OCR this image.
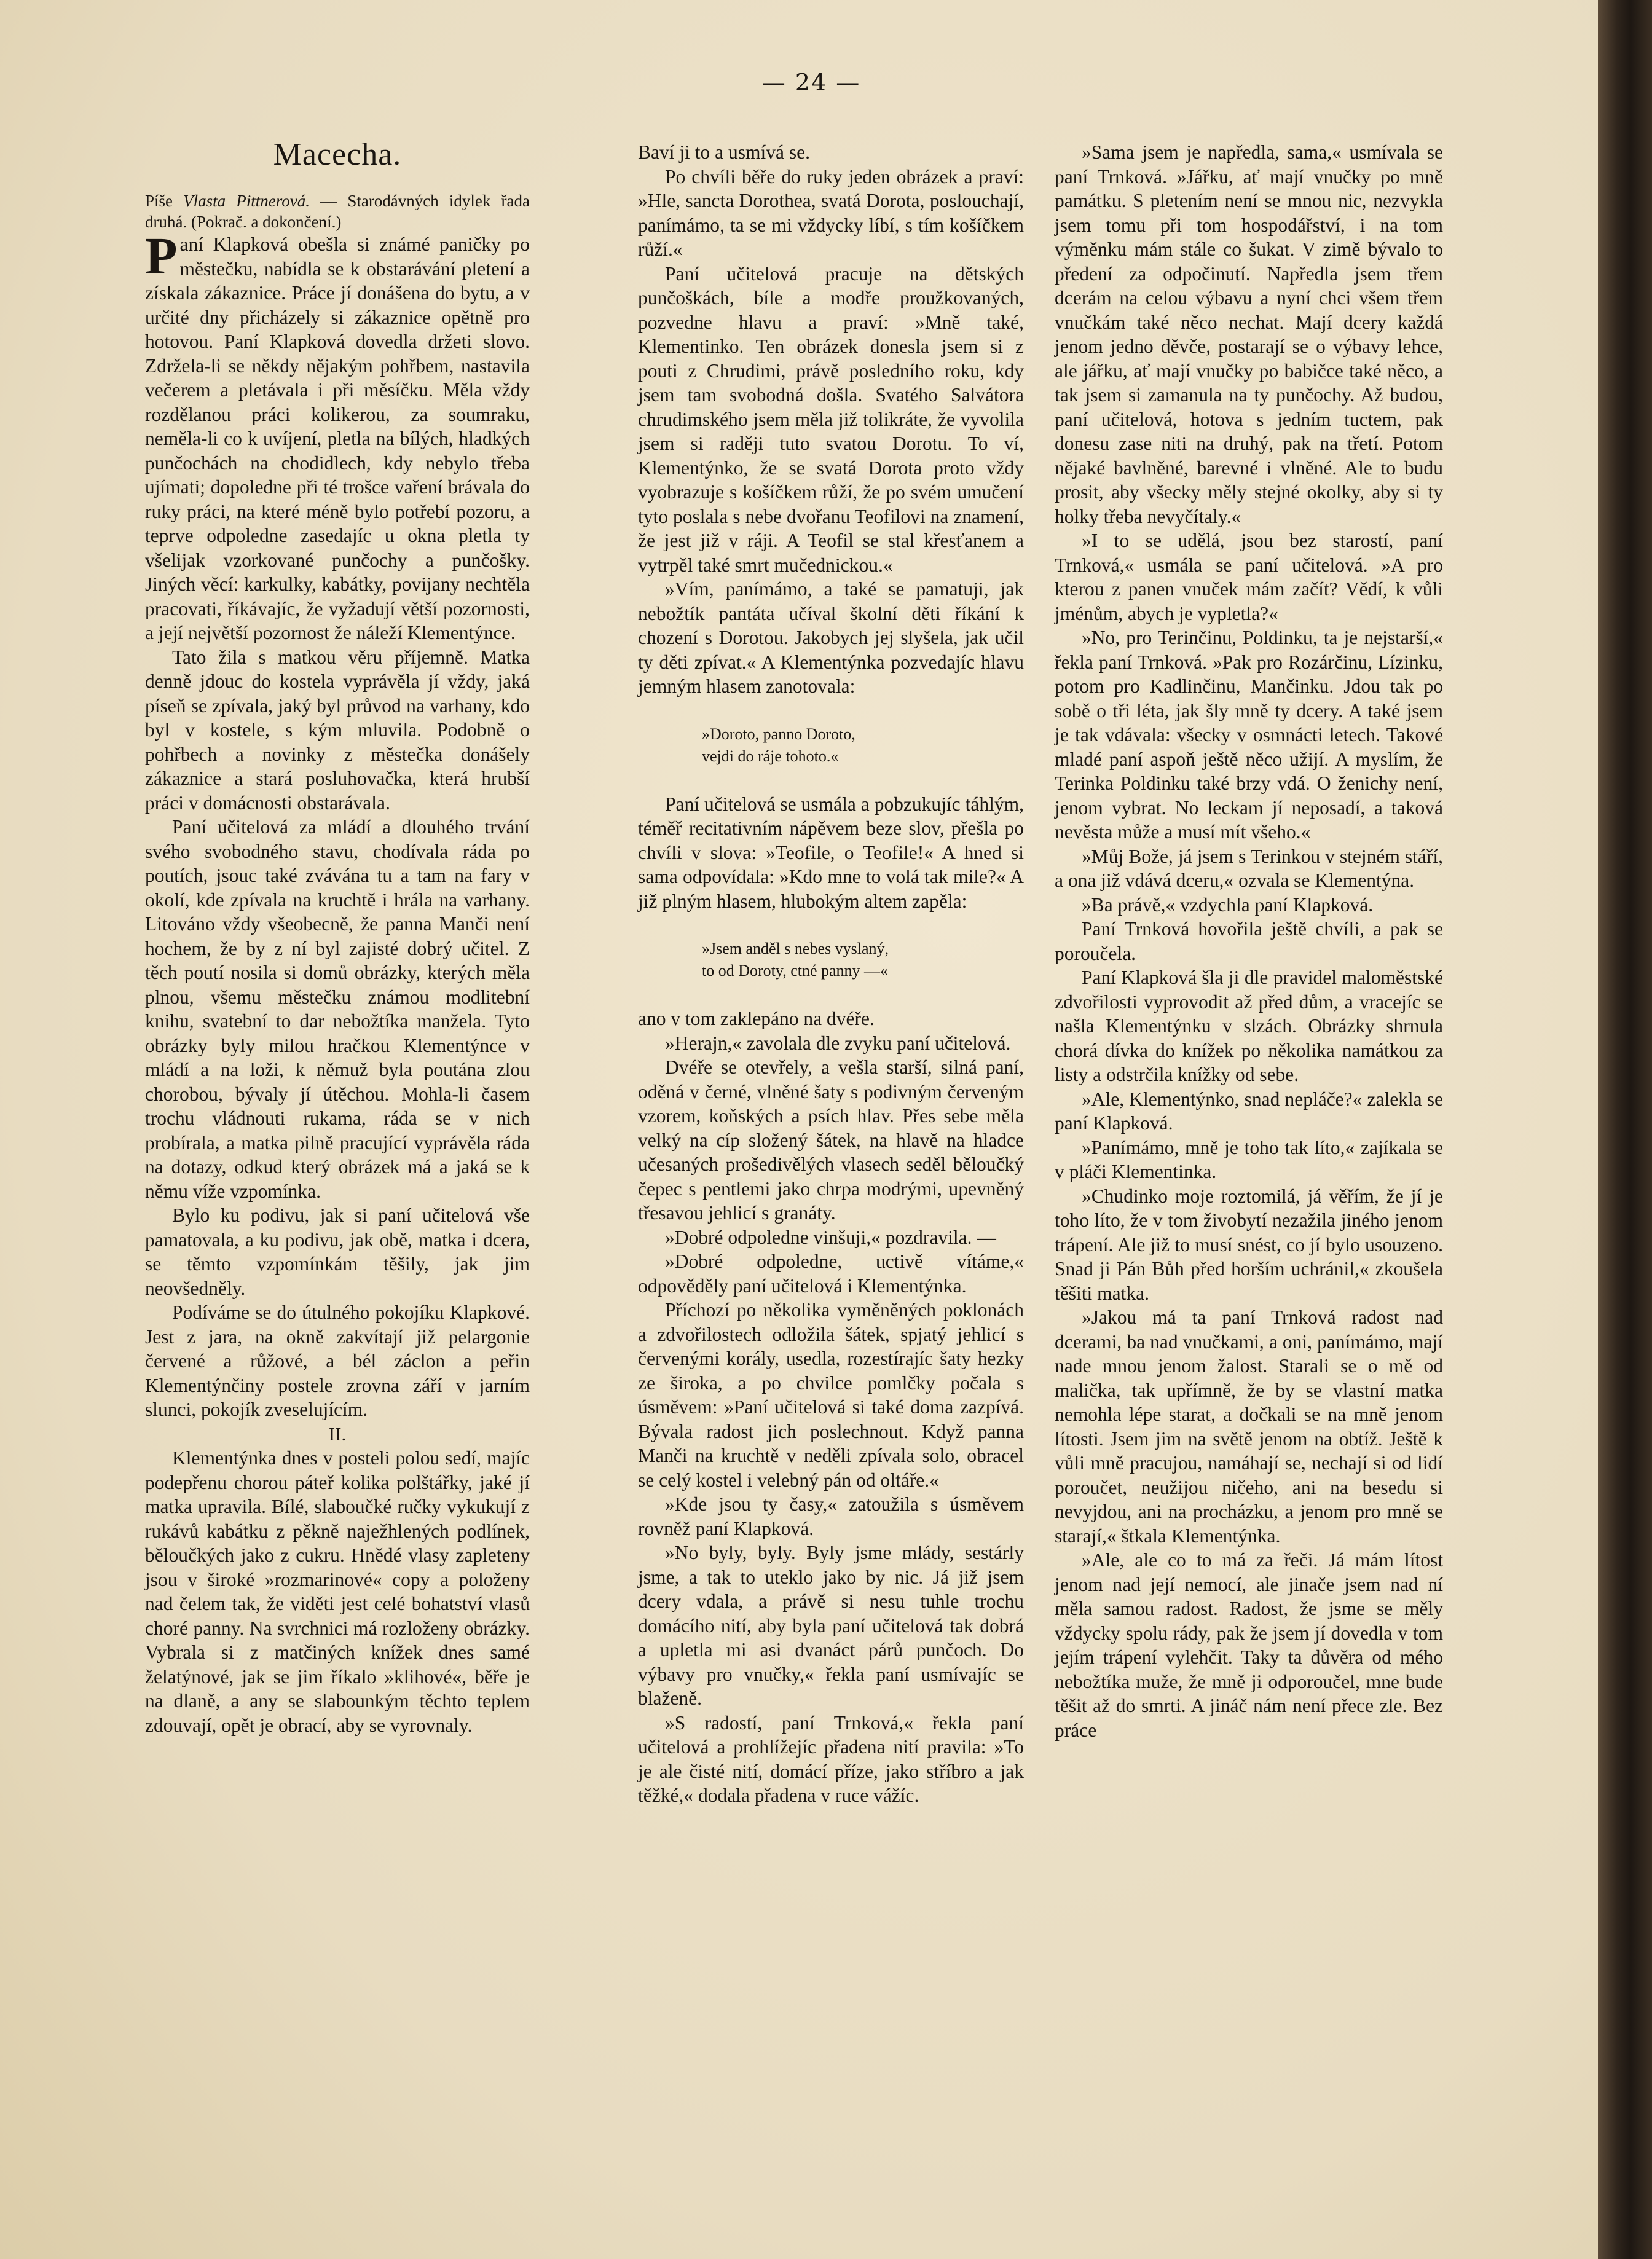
— 24 —
Macecha.

Píše Vlasta Pittnerová. — Starodávných idylek řada druhá. (Pokrač. a dokončení.)

Paní Klapková obešla si známé paničky po městečku, nabídla se k obstarávání pletení a získala zákaznice. Práce jí donášena do bytu, a v určité dny přicházely si zákaznice opětně pro hotovou. Paní Klapková dovedla držeti slovo. Zdržela-li se někdy nějakým pohřbem, nastavila večerem a pletávala i při měsíčku. Měla vždy rozdělanou práci kolikerou, za soumraku, neměla-li co k uvíjení, pletla na bílých, hladkých punčochách na chodidlech, kdy nebylo třeba ujímati; dopoledne při té trošce vaření brávala do ruky práci, na které méně bylo potřebí pozoru, a teprve odpoledne zasedajíc u okna pletla ty všelijak vzorkované punčochy a punčošky. Jiných věcí: karkulky, kabátky, povijany nechtěla pracovati, říkávajíc, že vyžadují větší pozornosti, a její největší pozornost že náleží Klementýnce.

Tato žila s matkou věru příjemně. Matka denně jdouc do kostela vyprávěla jí vždy, jaká píseň se zpívala, jaký byl průvod na varhany, kdo byl v kostele, s kým mluvila. Podobně o pohřbech a novinky z městečka donášely zákaznice a stará posluhovačka, která hrubší práci v domácnosti obstarávala.

Paní učitelová za mládí a dlouhého trvání svého svobodného stavu, chodívala ráda po poutích, jsouc také zvávána tu a tam na fary v okolí, kde zpívala na kruchtě i hrála na varhany. Litováno vždy všeobecně, že panna Manči není hochem, že by z ní byl zajisté dobrý učitel. Z těch poutí nosila si domů obrázky, kterých měla plnou, všemu městečku známou modlitební knihu, svatební to dar nebožtíka manžela. Tyto obrázky byly milou hračkou Klementýnce v mládí a na loži, k němuž byla poutána zlou chorobou, bývaly jí útěchou. Mohla-li časem trochu vládnouti rukama, ráda se v nich probírala, a matka pilně pracující vyprávěla ráda na dotazy, odkud který obrázek má a jaká se k němu víže vzpomínka.

Bylo ku podivu, jak si paní učitelová vše pamatovala, a ku podivu, jak obě, matka i dcera, se těmto vzpomínkám těšily, jak jim neovšedněly.

Podíváme se do útulného pokojíku Klapkové. Jest z jara, na okně zakvítají již pelargonie červené a růžové, a bél záclon a peřin Klementýnčiny postele zrovna září v jarním slunci, pokojík zveselujícím.

II.

Klementýnka dnes v posteli polou sedí, majíc podepřenu chorou páteř kolika polštářky, jaké jí matka upravila. Bílé, slaboučké ručky vykukují z rukávů kabátku z pěkně naježhlených podlínek, běloučkých jako z cukru. Hnědé vlasy zapleteny jsou v široké »rozmarinové« copy a položeny nad čelem tak, že viděti jest celé bohatství vlasů choré panny. Na svrchnici má rozloženy obrázky. Vybrala si z matčiných knížek dnes samé želatýnové, jak se jim říkalo »klihové«, běře je na dlaně, a any se slabounkým těchto teplem zdouvají, opět je obrací, aby se vyrovnaly.

Baví ji to a usmívá se.

Po chvíli běře do ruky jeden obrázek a praví: »Hle, sancta Dorothea, svatá Dorota, poslouchají, panímámo, ta se mi vždycky líbí, s tím košíčkem růží.«

Paní učitelová pracuje na dětských punčoškách, bíle a modře proužkovaných, pozvedne hlavu a praví: »Mně také, Klementinko. Ten obrázek donesla jsem si z pouti z Chrudimi, právě posledního roku, kdy jsem tam svobodná došla. Svatého Salvátora chrudimského jsem měla již tolikráte, že vyvolila jsem si raději tuto svatou Dorotu. To ví, Klementýnko, že se svatá Dorota proto vždy vyobrazuje s košíčkem růží, že po svém umučení tyto poslala s nebe dvořanu Teofilovi na znamení, že jest již v ráji. A Teofil se stal křesťanem a vytrpěl také smrt mučednickou.«

»Vím, panímámo, a také se pamatuji, jak nebožtík pantáta učíval školní děti říkání k chození s Dorotou. Jakobych jej slyšela, jak učil ty děti zpívat.« A Klementýnka pozvedajíc hlavu jemným hlasem zanotovala:

»Doroto, panno Doroto,
vejdi do ráje tohoto.«

Paní učitelová se usmála a pobzukujíc táhlým, téměř recitativním nápěvem beze slov, přešla po chvíli v slova: »Teofile, o Teofile!« A hned si sama odpovídala: »Kdo mne to volá tak mile?« A již plným hlasem, hlubokým altem zapěla:

»Jsem anděl s nebes vyslaný,
to od Doroty, ctné panny —«

ano v tom zaklepáno na dvéře.

»Herajn,« zavolala dle zvyku paní učitelová.

Dvéře se otevřely, a vešla starší, silná paní, oděná v černé, vlněné šaty s podivným červeným vzorem, koňských a psích hlav. Přes sebe měla velký na cíp složený šátek, na hlavě na hladce učesaných prošedivělých vlasech seděl běloučký čepec s pentlemi jako chrpa modrými, upevněný třesavou jehlicí s granáty.

»Dobré odpoledne vinšuji,« pozdravila. —

»Dobré odpoledne, uctivě vítáme,« odpověděly paní učitelová i Klementýnka.

Příchozí po několika vyměněných poklonách a zdvořilostech odložila šátek, spjatý jehlicí s červenými korály, usedla, rozestírajíc šaty hezky ze široka, a po chvilce pomlčky počala s úsměvem: »Paní učitelová si také doma zazpívá. Bývala radost jich poslechnout. Když panna Manči na kruchtě v neděli zpívala solo, obracel se celý kostel i velebný pán od oltáře.«

»Kde jsou ty časy,« zatoužila s úsměvem rovněž paní Klapková.

»No byly, byly. Byly jsme mlády, sestárly jsme, a tak to uteklo jako by nic. Já již jsem dcery vdala, a právě si nesu tuhle trochu domácího nití, aby byla paní učitelová tak dobrá a upletla mi asi dvanáct párů punčoch. Do výbavy pro vnučky,« řekla paní usmívajíc se blaženě.

»S radostí, paní Trnková,« řekla paní učitelová a prohlížejíc přadena nití pravila: »To je ale čisté nití, domácí příze, jako stříbro a jak těžké,« dodala přadena v ruce vážíc.

»Sama jsem je napředla, sama,« usmívala se paní Trnková. »Jářku, ať mají vnučky po mně památku. S pletením není se mnou nic, nezvykla jsem tomu při tom hospodářství, i na tom výměnku mám stále co šukat. V zimě bývalo to předení za odpočinutí. Napředla jsem třem dcerám na celou výbavu a nyní chci všem třem vnučkám také něco nechat. Mají dcery každá jenom jedno děvče, postarají se o výbavy lehce, ale jářku, ať mají vnučky po babičce také něco, a tak jsem si zamanula na ty punčochy. Až budou, paní učitelová, hotova s jedním tuctem, pak donesu zase niti na druhý, pak na třetí. Potom nějaké bavlněné, barevné i vlněné. Ale to budu prosit, aby všecky měly stejné okolky, aby si ty holky třeba nevyčítaly.«

»I to se udělá, jsou bez starostí, paní Trnková,« usmála se paní učitelová. »A pro kterou z panen vnuček mám začít? Vědí, k vůli jménům, abych je vypletla?«

»No, pro Terinčinu, Poldinku, ta je nejstarší,« řekla paní Trnková. »Pak pro Rozárčinu, Lízinku, potom pro Kadlinčinu, Mančinku. Jdou tak po sobě o tři léta, jak šly mně ty dcery. A také jsem je tak vdávala: všecky v osmnácti letech. Takové mladé paní aspoň ještě něco užijí. A myslím, že Terinka Poldinku také brzy vdá. O ženichy není, jenom vybrat. No leckam jí neposadí, a taková nevěsta může a musí mít všeho.«

»Můj Bože, já jsem s Terinkou v stejném stáří, a ona již vdává dceru,« ozvala se Klementýna.

»Ba právě,« vzdychla paní Klapková.

Paní Trnková hovořila ještě chvíli, a pak se poroučela.

Paní Klapková šla ji dle pravidel maloměstské zdvořilosti vyprovodit až před dům, a vracejíc se našla Klementýnku v slzách. Obrázky shrnula chorá dívka do knížek po několika namátkou za listy a odstrčila knížky od sebe.

»Ale, Klementýnko, snad nepláče?« zalekla se paní Klapková.

»Panímámo, mně je toho tak líto,« zajíkala se v pláči Klementinka.

»Chudinko moje roztomilá, já věřím, že jí je toho líto, že v tom živobytí nezažila jiného jenom trápení. Ale již to musí snést, co jí bylo usouzeno. Snad ji Pán Bůh před horším uchránil,« zkoušela těšiti matka.

»Jakou má ta paní Trnková radost nad dcerami, ba nad vnučkami, a oni, panímámo, mají nade mnou jenom žalost. Starali se o mě od malička, tak upřímně, že by se vlastní matka nemohla lépe starat, a dočkali se na mně jenom lítosti. Jsem jim na světě jenom na obtíž. Ještě k vůli mně pracujou, namáhají se, nechají si od lidí poroučet, neužijou ničeho, ani na besedu si nevyjdou, ani na procházku, a jenom pro mně se starají,« štkala Klementýnka.

»Ale, ale co to má za řeči. Já mám lítost jenom nad její nemocí, ale jinače jsem nad ní měla samou radost. Radost, že jsme se měly vždycky spolu rády, pak že jsem jí dovedla v tom jejím trápení vylehčit. Taky ta důvěra od mého nebožtíka muže, že mně ji odporoučel, mne bude těšit až do smrti. A jináč nám není přece zle. Bez práce
